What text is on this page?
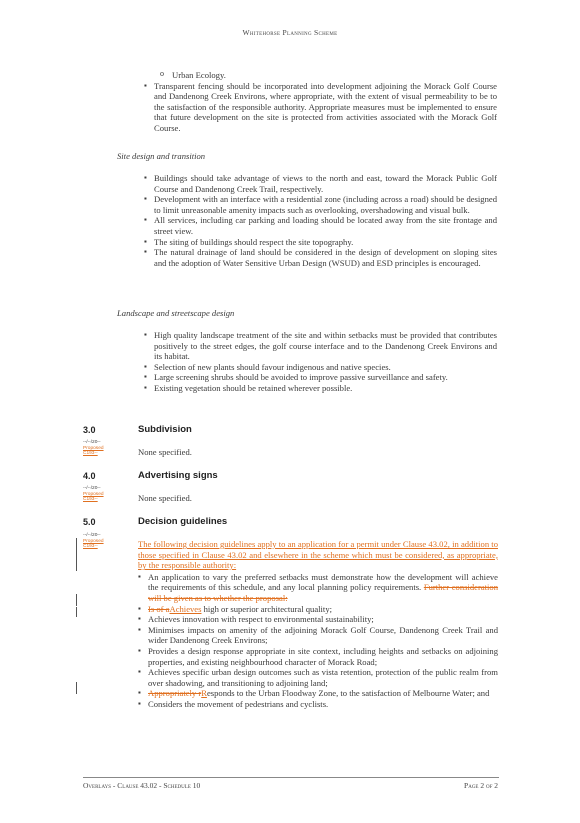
Whitehorse Planning Scheme
o Urban Ecology.
▪ Transparent fencing should be incorporated into development adjoining the Morack Golf Course and Dandenong Creek Environs, where appropriate, with the extent of visual permeability to be to the satisfaction of the responsible authority. Appropriate measures must be implemented to ensure that future development on the site is protected from activities associated with the Morack Golf Course.
Site design and transition
▪ Buildings should take advantage of views to the north and east, toward the Morack Public Golf Course and Dandenong Creek Trail, respectively.
▪ Development with an interface with a residential zone (including across a road) should be designed to limit unreasonable amenity impacts such as overlooking, overshadowing and visual bulk.
▪ All services, including car parking and loading should be located away from the site frontage and street view.
▪ The siting of buildings should respect the site topography.
▪ The natural drainage of land should be considered in the design of development on sloping sites and the adoption of Water Sensitive Urban Design (WSUD) and ESD principles is encouraged.
Landscape and streetscape design
▪ High quality landscape treatment of the site and within setbacks must be provided that contributes positively to the street edges, the golf course interface and to the Dandenong Creek Environs and its habitat.
▪ Selection of new plants should favour indigenous and native species.
▪ Large screening shrubs should be avoided to improve passive surveillance and safety.
▪ Existing vegetation should be retained wherever possible.
3.0	Subdivision
--/--/20--
Proposed
C193--	None specified.
4.0	Advertising signs
--/--/20--
Proposed
C193--	None specified.
5.0	Decision guidelines
--/--/20--
Proposed
C193--	The following decision guidelines apply to an application for a permit under Clause 43.02, in addition to those specified in Clause 43.02 and elsewhere in the scheme which must be considered, as appropriate, by the responsible authority:

▪ An application to vary the preferred setbacks must demonstrate how the development will achieve the requirements of this schedule, and any local planning policy requirements. Further consideration will be given as to whether the proposal:
▪ Is of aAchieves high or superior architectural quality;
▪ Achieves innovation with respect to environmental sustainability;
▪ Minimises impacts on amenity of the adjoining Morack Golf Course, Dandenong Creek Trail and wider Dandenong Creek Environs;
▪ Provides a design response appropriate in site context, including heights and setbacks on adjoining properties, and existing neighbourhood character of Morack Road;
▪ Achieves specific urban design outcomes such as vista retention, protection of the public realm from over shadowing, and transitioning to adjoining land;
▪ Appropriately rResponds to the Urban Floodway Zone, to the satisfaction of Melbourne Water; and
▪ Considers the movement of pedestrians and cyclists.
Overlays - Clause 43.02 - Schedule 10	Page 2 of 2
